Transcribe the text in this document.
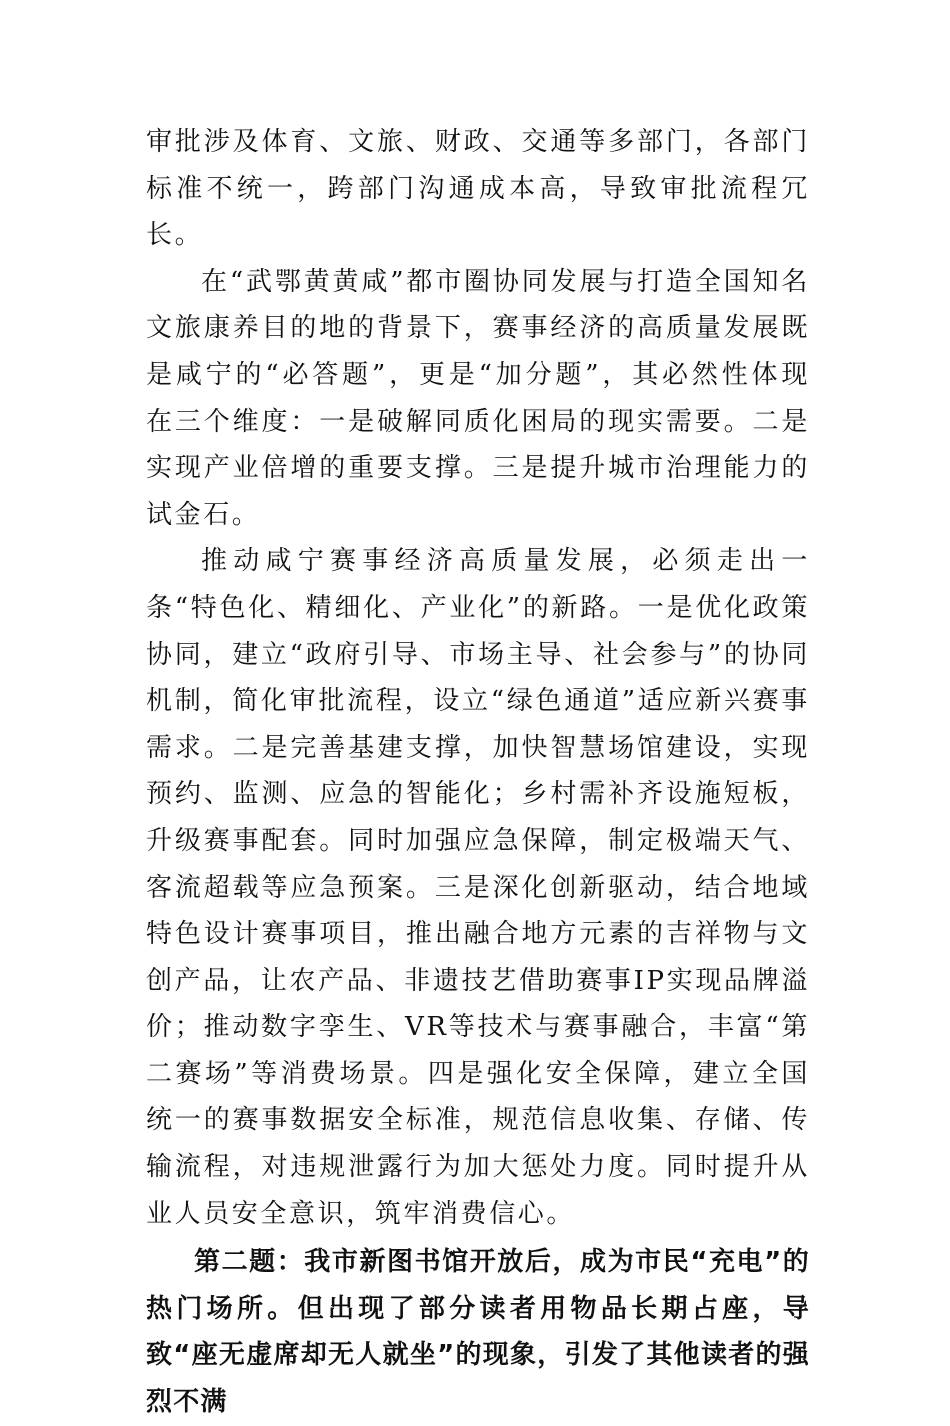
审批涉及体育、文旅、财政、交通等多部门，各部门标准不统一，跨部门沟通成本高，导致审批流程冗长。

在“武鄂黄黄咸”都市圈协同发展与打造全国知名文旅康养目的地的背景下，赛事经济的高质量发展既是咸宁的“必答题”，更是“加分题”，其必然性体现在三个维度：一是破解同质化困局的现实需要。二是实现产业倍增的重要支撑。三是提升城市治理能力的试金石。

推动咸宁赛事经济高质量发展，必须走出一条“特色化、精细化、产业化”的新路。一是优化政策协同，建立“政府引导、市场主导、社会参与”的协同机制，简化审批流程，设立“绿色通道”适应新兴赛事需求。二是完善基建支撑，加快智慧场馆建设，实现预约、监测、应急的智能化；乡村需补齐设施短板，升级赛事配套。同时加强应急保障，制定极端天气、客流超载等应急预案。三是深化创新驱动，结合地域特色设计赛事项目，推出融合地方元素的吉祥物与文创产品，让农产品、非遗技艺借助赛事IP实现品牌溢价；推动数字孪生、VR等技术与赛事融合，丰富“第二赛场”等消费场景。四是强化安全保障，建立全国统一的赛事数据安全标准，规范信息收集、存储、传输流程，对违规泄露行为加大惩处力度。同时提升从业人员安全意识，筑牢消费信心。

第二题：我市新图书馆开放后，成为市民“充电”的热门场所。但出现了部分读者用物品长期占座，导致“座无虚席却无人就坐”的现象，引发了其他读者的强烈不满
